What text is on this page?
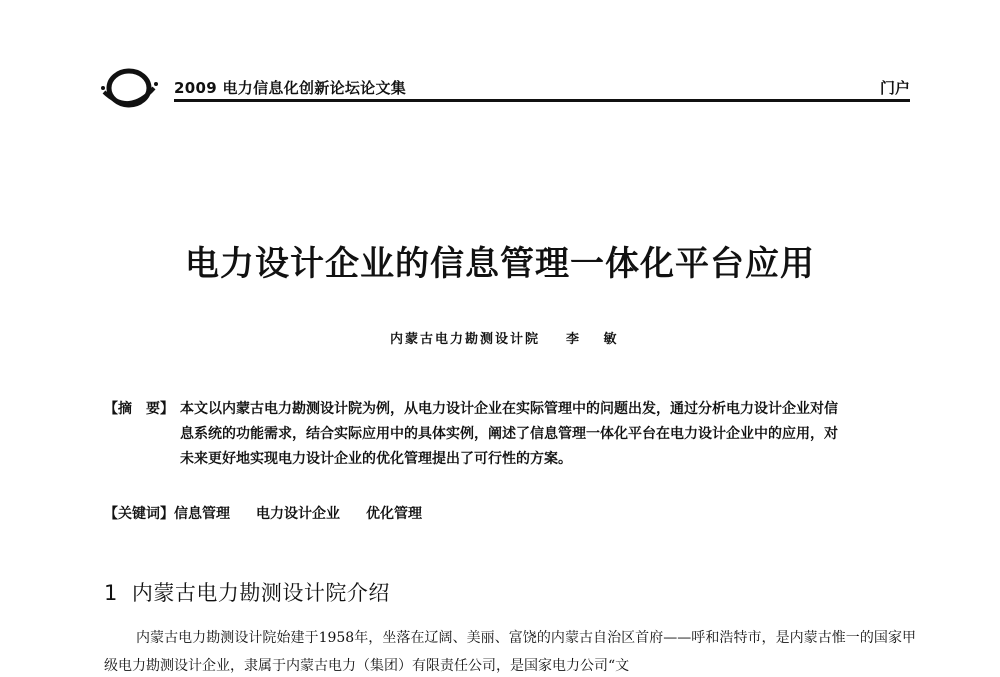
2009 电力信息化创新论坛论文集	门户
电力设计企业的信息管理一体化平台应用
内蒙古电力勘测设计院 李 敏
【摘　要】 本文以内蒙古电力勘测设计院为例，从电力设计企业在实际管理中的问题出发，通过分析电力设计企业对信息系统的功能需求，结合实际应用中的具体实例，阐述了信息管理一体化平台在电力设计企业中的应用，对未来更好地实现电力设计企业的优化管理提出了可行性的方案。
【关键词】信息管理 电力设计企业 优化管理
1 内蒙古电力勘测设计院介绍

内蒙古电力勘测设计院始建于1958年，坐落在辽阔、美丽、富饶的内蒙古自治区首府——呼和浩特市，是内蒙古惟一的国家甲级电力勘测设计企业，隶属于内蒙古电力（集团）有限责任公司，是国家电力公司“文
